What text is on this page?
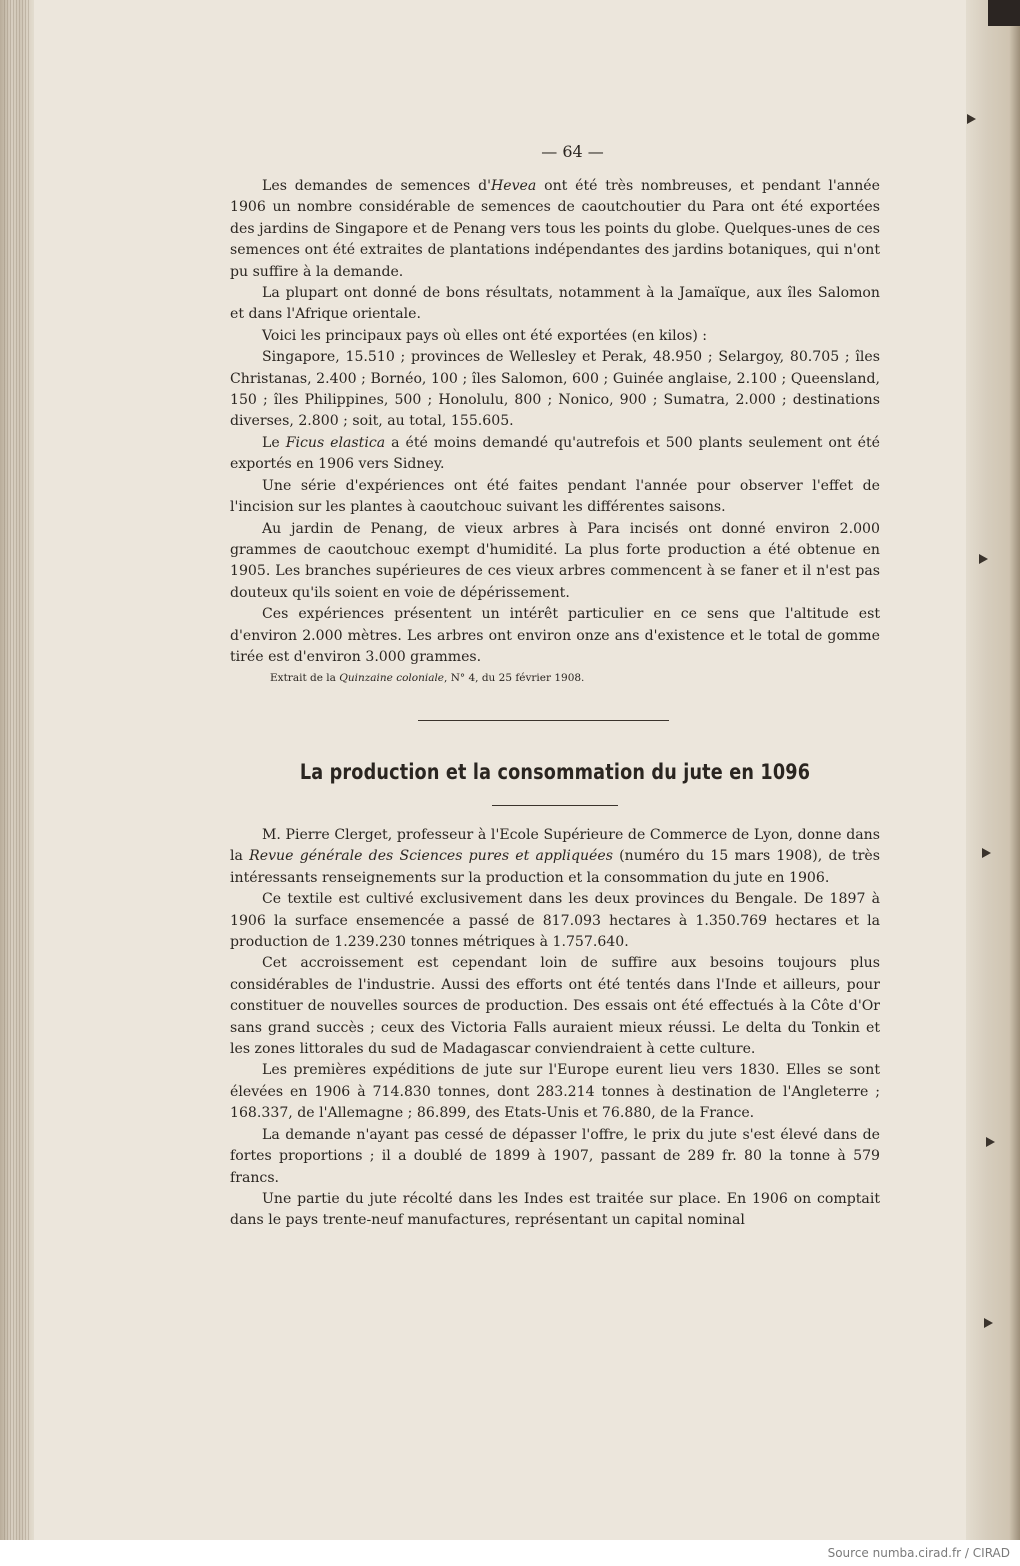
— 64 —

Les demandes de semences d'Hevea ont été très nombreuses, et pendant l'année 1906 un nombre considérable de semences de caoutchoutier du Para ont été exportées des jardins de Singapore et de Penang vers tous les points du globe. Quelques-unes de ces semences ont été extraites de plantations indépendantes des jardins botaniques, qui n'ont pu suffire à la demande.

La plupart ont donné de bons résultats, notamment à la Jamaïque, aux îles Salomon et dans l'Afrique orientale.

Voici les principaux pays où elles ont été exportées (en kilos) :

Singapore, 15.510 ; provinces de Wellesley et Perak, 48.950 ; Selargoy, 80.705 ; îles Christanas, 2.400 ; Bornéo, 100 ; îles Salomon, 600 ; Guinée anglaise, 2.100 ; Queensland, 150 ; îles Philippines, 500 ; Honolulu, 800 ; Nonico, 900 ; Sumatra, 2.000 ; destinations diverses, 2.800 ; soit, au total, 155.605.

Le Ficus elastica a été moins demandé qu'autrefois et 500 plants seulement ont été exportés en 1906 vers Sidney.

Une série d'expériences ont été faites pendant l'année pour observer l'effet de l'incision sur les plantes à caoutchouc suivant les différentes saisons.

Au jardin de Penang, de vieux arbres à Para incisés ont donné environ 2.000 grammes de caoutchouc exempt d'humidité. La plus forte production a été obtenue en 1905. Les branches supérieures de ces vieux arbres commencent à se faner et il n'est pas douteux qu'ils soient en voie de dépérissement.

Ces expériences présentent un intérêt particulier en ce sens que l'altitude est d'environ 2.000 mètres. Les arbres ont environ onze ans d'existence et le total de gomme tirée est d'environ 3.000 grammes.

Extrait de la Quinzaine coloniale, N° 4, du 25 février 1908.
La production et la consommation du jute en 1096

M. Pierre Clerget, professeur à l'Ecole Supérieure de Commerce de Lyon, donne dans la Revue générale des Sciences pures et appliquées (numéro du 15 mars 1908), de très intéressants renseignements sur la production et la consommation du jute en 1906.

Ce textile est cultivé exclusivement dans les deux provinces du Bengale. De 1897 à 1906 la surface ensemencée a passé de 817.093 hectares à 1.350.769 hectares et la production de 1.239.230 tonnes métriques à 1.757.640.

Cet accroissement est cependant loin de suffire aux besoins toujours plus considérables de l'industrie. Aussi des efforts ont été tentés dans l'Inde et ailleurs, pour constituer de nouvelles sources de production. Des essais ont été effectués à la Côte d'Or sans grand succès ; ceux des Victoria Falls auraient mieux réussi. Le delta du Tonkin et les zones littorales du sud de Madagascar conviendraient à cette culture.

Les premières expéditions de jute sur l'Europe eurent lieu vers 1830. Elles se sont élevées en 1906 à 714.830 tonnes, dont 283.214 tonnes à destination de l'Angleterre ; 168.337, de l'Allemagne ; 86.899, des Etats-Unis et 76.880, de la France.

La demande n'ayant pas cessé de dépasser l'offre, le prix du jute s'est élevé dans de fortes proportions ; il a doublé de 1899 à 1907, passant de 289 fr. 80 la tonne à 579 francs.

Une partie du jute récolté dans les Indes est traitée sur place. En 1906 on comptait dans le pays trente-neuf manufactures, représentant un capital nominal

Source numba.cirad.fr / CIRAD
